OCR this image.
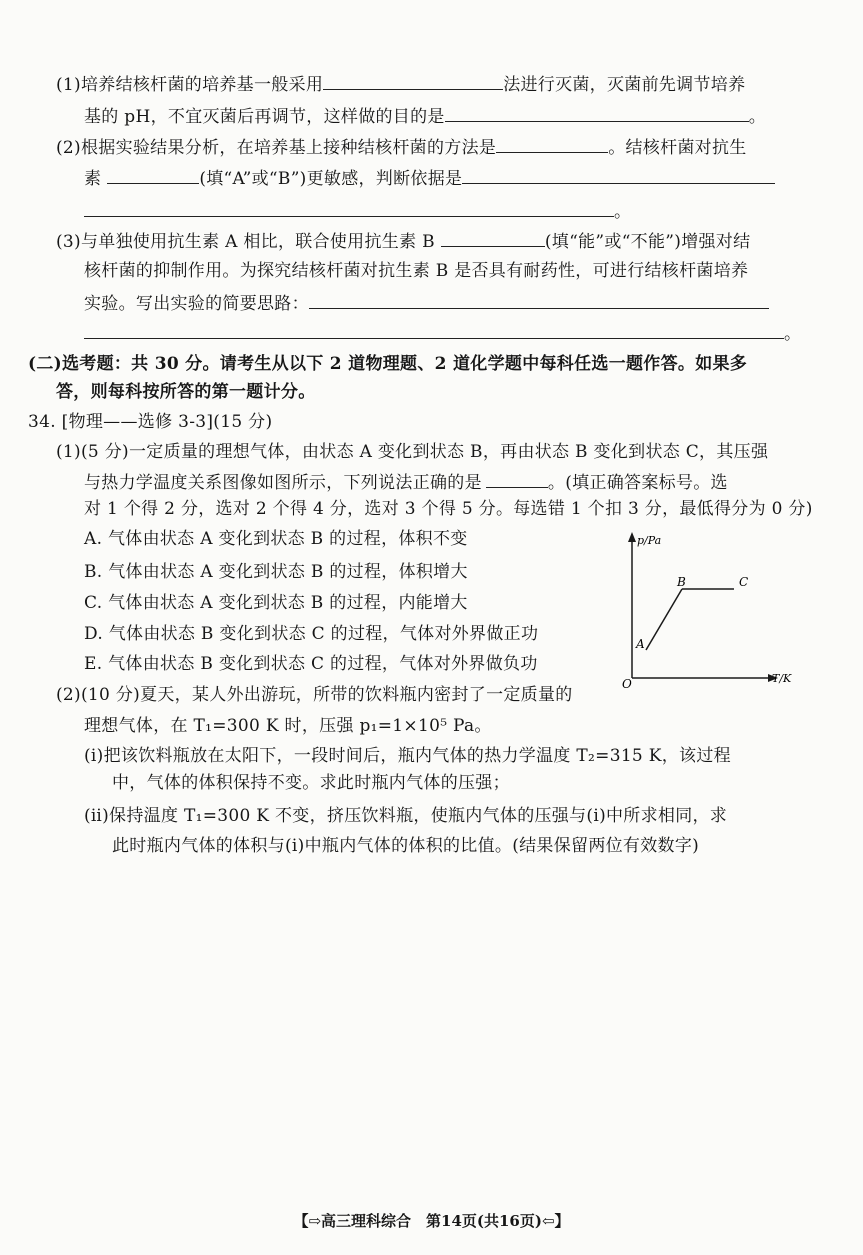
(1)培养结核杆菌的培养基一般采用	法进行灭菌，灭菌前先调节培养
基的 pH，不宜灭菌后再调节，这样做的目的是	。
(2)根据实验结果分析，在培养基上接种结核杆菌的方法是	。结核杆菌对抗生
素	(填“A”或“B”)更敏感，判断依据是
。
(3)与单独使用抗生素 A 相比，联合使用抗生素 B	(填“能”或“不能”)增强对结
核杆菌的抑制作用。为探究结核杆菌对抗生素 B 是否具有耐药性，可进行结核杆菌培养
实验。写出实验的简要思路：
。
(二)选考题：共 30 分。请考生从以下 2 道物理题、2 道化学题中每科任选一题作答。如果多
答，则每科按所答的第一题计分。
34. [物理——选修 3-3](15 分)
(1)(5 分)一定质量的理想气体，由状态 A 变化到状态 B，再由状态 B 变化到状态 C，其压强
与热力学温度关系图像如图所示，下列说法正确的是	。(填正确答案标号。选
对 1 个得 2 分，选对 2 个得 4 分，选对 3 个得 5 分。每选错 1 个扣 3 分，最低得分为 0 分)
A. 气体由状态 A 变化到状态 B 的过程，体积不变
B. 气体由状态 A 变化到状态 B 的过程，体积增大
C. 气体由状态 A 变化到状态 B 的过程，内能增大
D. 气体由状态 B 变化到状态 C 的过程，气体对外界做正功
E. 气体由状态 B 变化到状态 C 的过程，气体对外界做负功
(2)(10 分)夏天，某人外出游玩，所带的饮料瓶内密封了一定质量的
理想气体，在 T₁=300 K 时，压强 p₁=1×10⁵ Pa。
(ⅰ)把该饮料瓶放在太阳下，一段时间后，瓶内气体的热力学温度 T₂=315 K，该过程
中，气体的体积保持不变。求此时瓶内气体的压强；
(ⅱ)保持温度 T₁=300 K 不变，挤压饮料瓶，使瓶内气体的压强与(ⅰ)中所求相同，求
此时瓶内气体的体积与(ⅰ)中瓶内气体的体积的比值。(结果保留两位有效数字)
p/Pa
T/K
O
A
B	C
【⇨高三理科综合　第14页(共16页)⇦】
